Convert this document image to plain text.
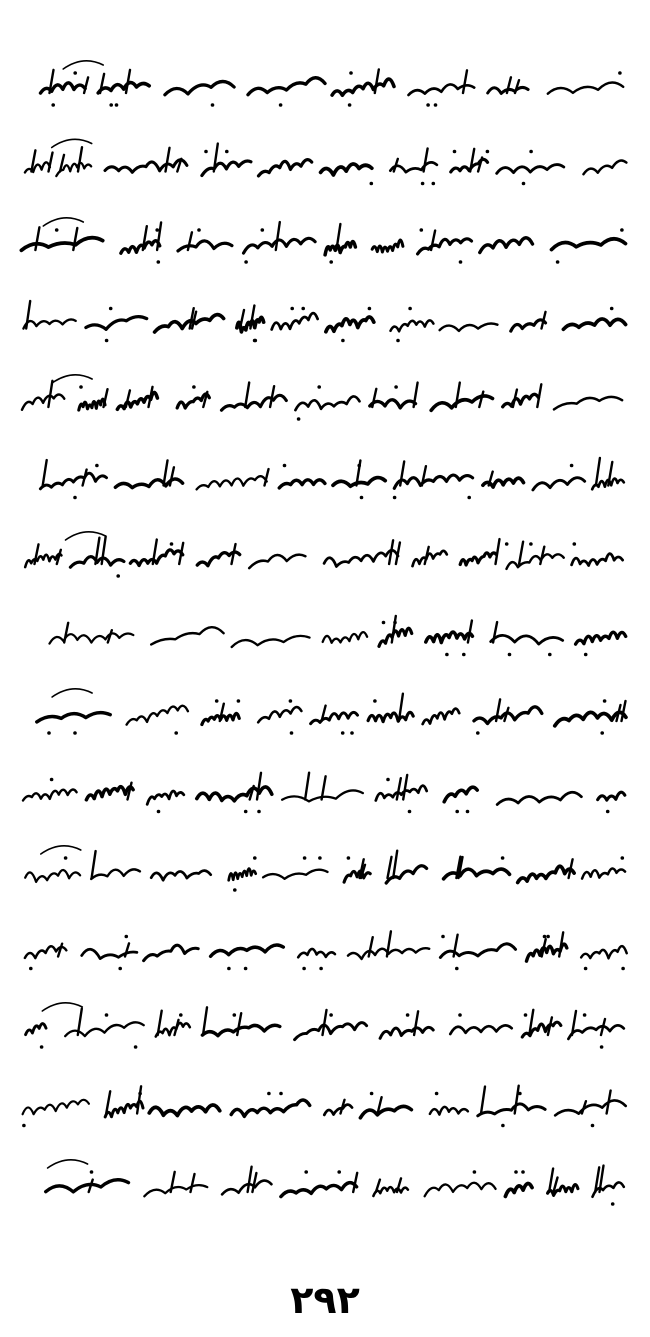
۲۹۲
